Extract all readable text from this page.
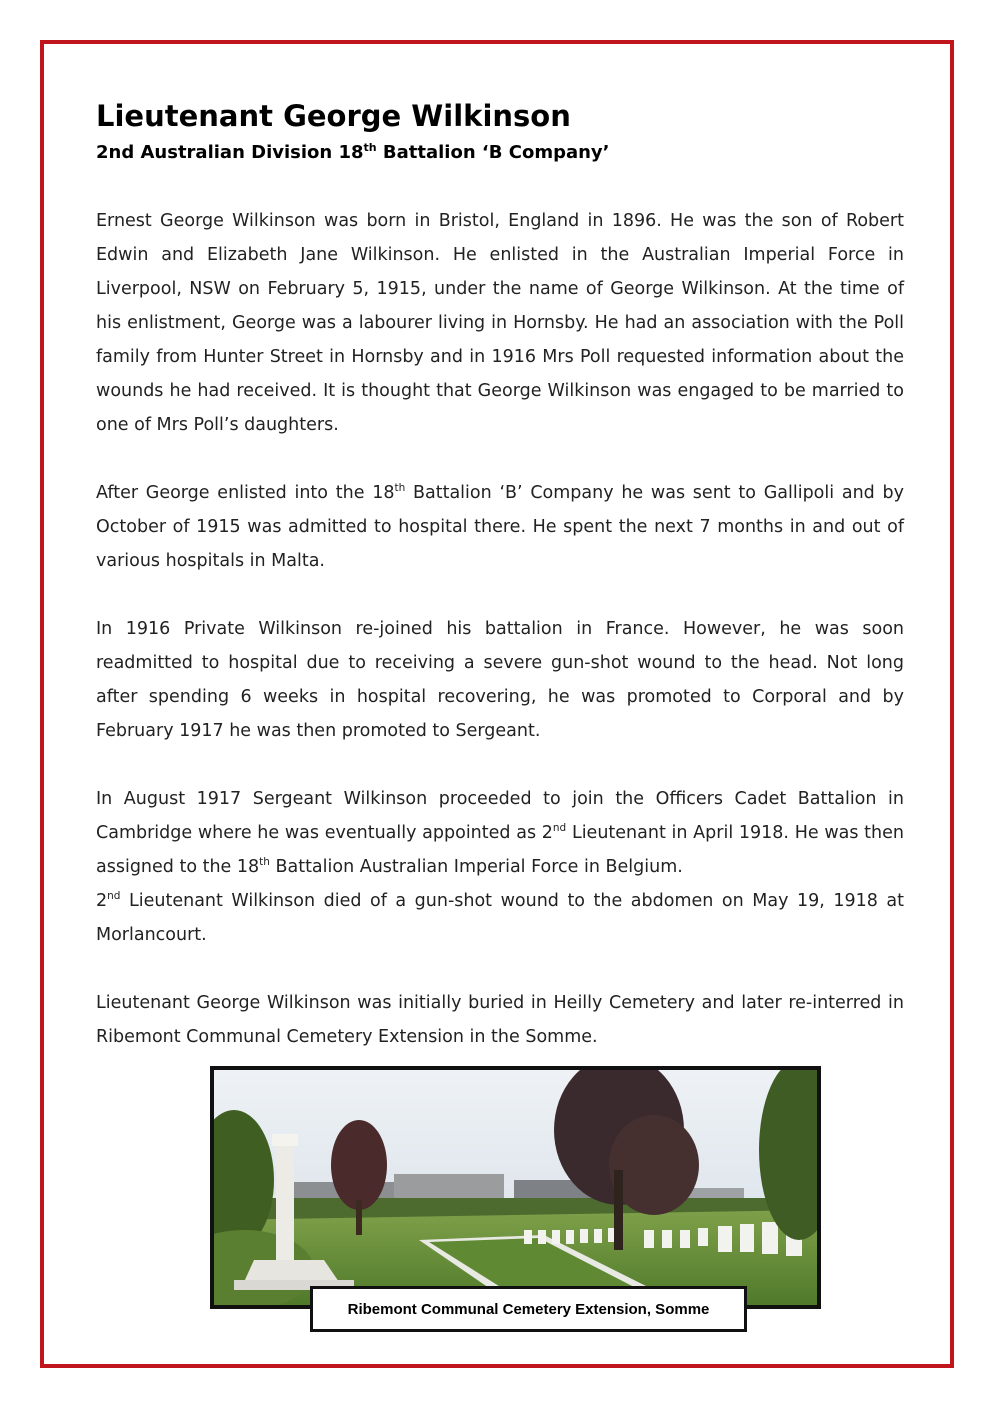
Lieutenant George Wilkinson
2nd Australian Division 18th Battalion ‘B Company’

Ernest George Wilkinson was born in Bristol, England in 1896. He was the son of Robert Edwin and Elizabeth Jane Wilkinson. He enlisted in the Australian Imperial Force in Liverpool, NSW on February 5, 1915, under the name of George Wilkinson. At the time of his enlistment, George was a labourer living in Hornsby. He had an association with the Poll family from Hunter Street in Hornsby and in 1916 Mrs Poll requested information about the wounds he had received. It is thought that George Wilkinson was engaged to be married to one of Mrs Poll’s daughters.

After George enlisted into the 18th Battalion ‘B’ Company he was sent to Gallipoli and by October of 1915 was admitted to hospital there. He spent the next 7 months in and out of various hospitals in Malta.

In 1916 Private Wilkinson re-joined his battalion in France. However, he was soon readmitted to hospital due to receiving a severe gun-shot wound to the head. Not long after spending 6 weeks in hospital recovering, he was promoted to Corporal and by February 1917 he was then promoted to Sergeant.

In August 1917 Sergeant Wilkinson proceeded to join the Officers Cadet Battalion in Cambridge where he was eventually appointed as 2nd Lieutenant in April 1918. He was then assigned to the 18th Battalion Australian Imperial Force in Belgium.

2nd Lieutenant Wilkinson died of a gun-shot wound to the abdomen on May 19, 1918 at Morlancourt.

Lieutenant George Wilkinson was initially buried in Heilly Cemetery and later re-interred in Ribemont Communal Cemetery Extension in the Somme.

Ribemont Communal Cemetery Extension, Somme
